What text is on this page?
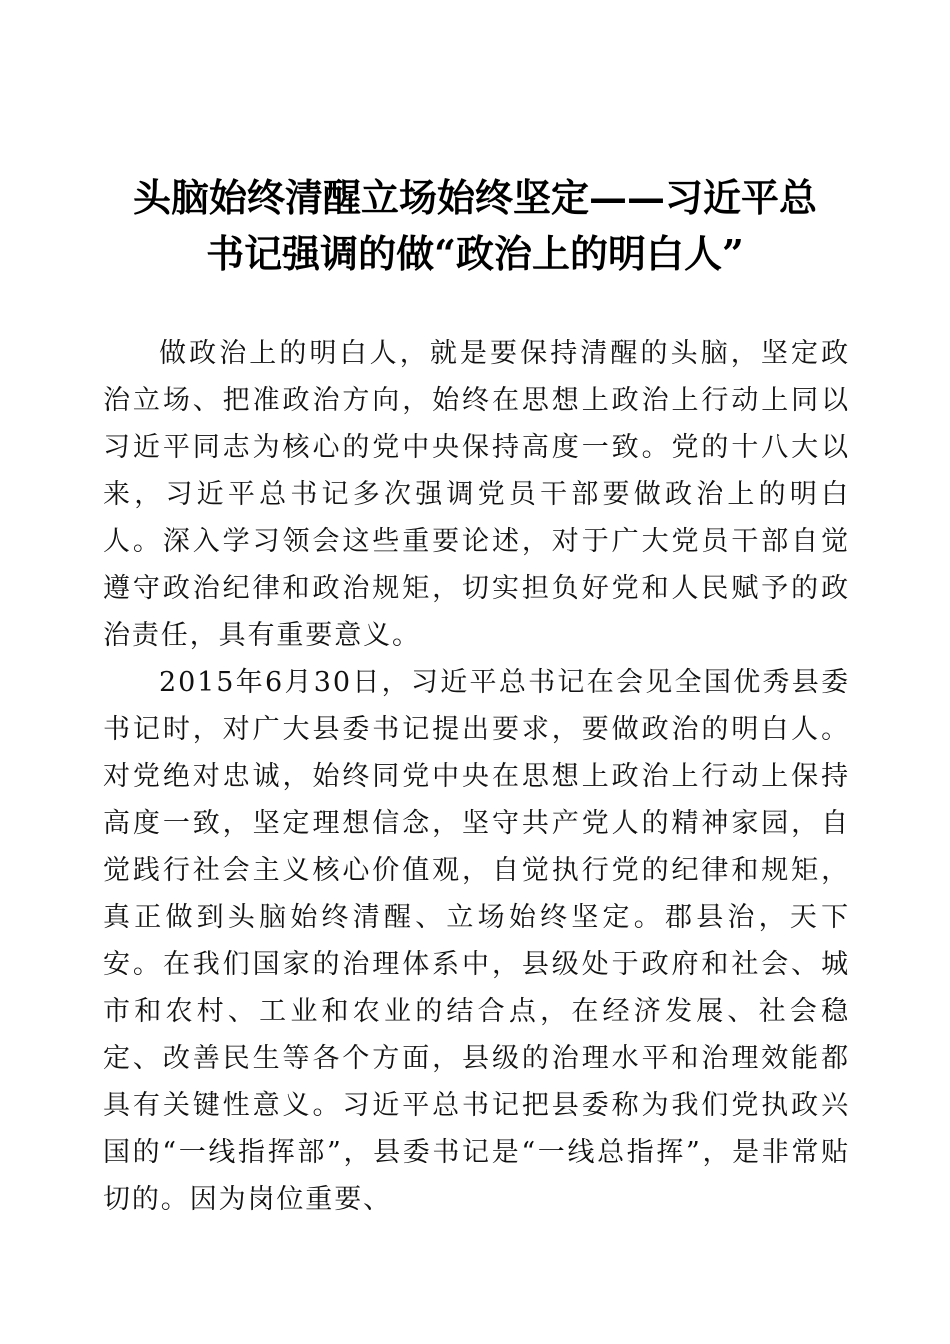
头脑始终清醒立场始终坚定——习近平总
书记强调的做“政治上的明白人”

做政治上的明白人，就是要保持清醒的头脑，坚定政治立场、把准政治方向，始终在思想上政治上行动上同以习近平同志为核心的党中央保持高度一致。党的十八大以来，习近平总书记多次强调党员干部要做政治上的明白人。深入学习领会这些重要论述，对于广大党员干部自觉遵守政治纪律和政治规矩，切实担负好党和人民赋予的政治责任，具有重要意义。

2015年6月30日，习近平总书记在会见全国优秀县委书记时，对广大县委书记提出要求，要做政治的明白人。对党绝对忠诚，始终同党中央在思想上政治上行动上保持高度一致，坚定理想信念，坚守共产党人的精神家园，自觉践行社会主义核心价值观，自觉执行党的纪律和规矩，真正做到头脑始终清醒、立场始终坚定。郡县治，天下安。在我们国家的治理体系中，县级处于政府和社会、城市和农村、工业和农业的结合点，在经济发展、社会稳定、改善民生等各个方面，县级的治理水平和治理效能都具有关键性意义。习近平总书记把县委称为我们党执政兴国的“一线指挥部”，县委书记是“一线总指挥”，是非常贴切的。因为岗位重要、
